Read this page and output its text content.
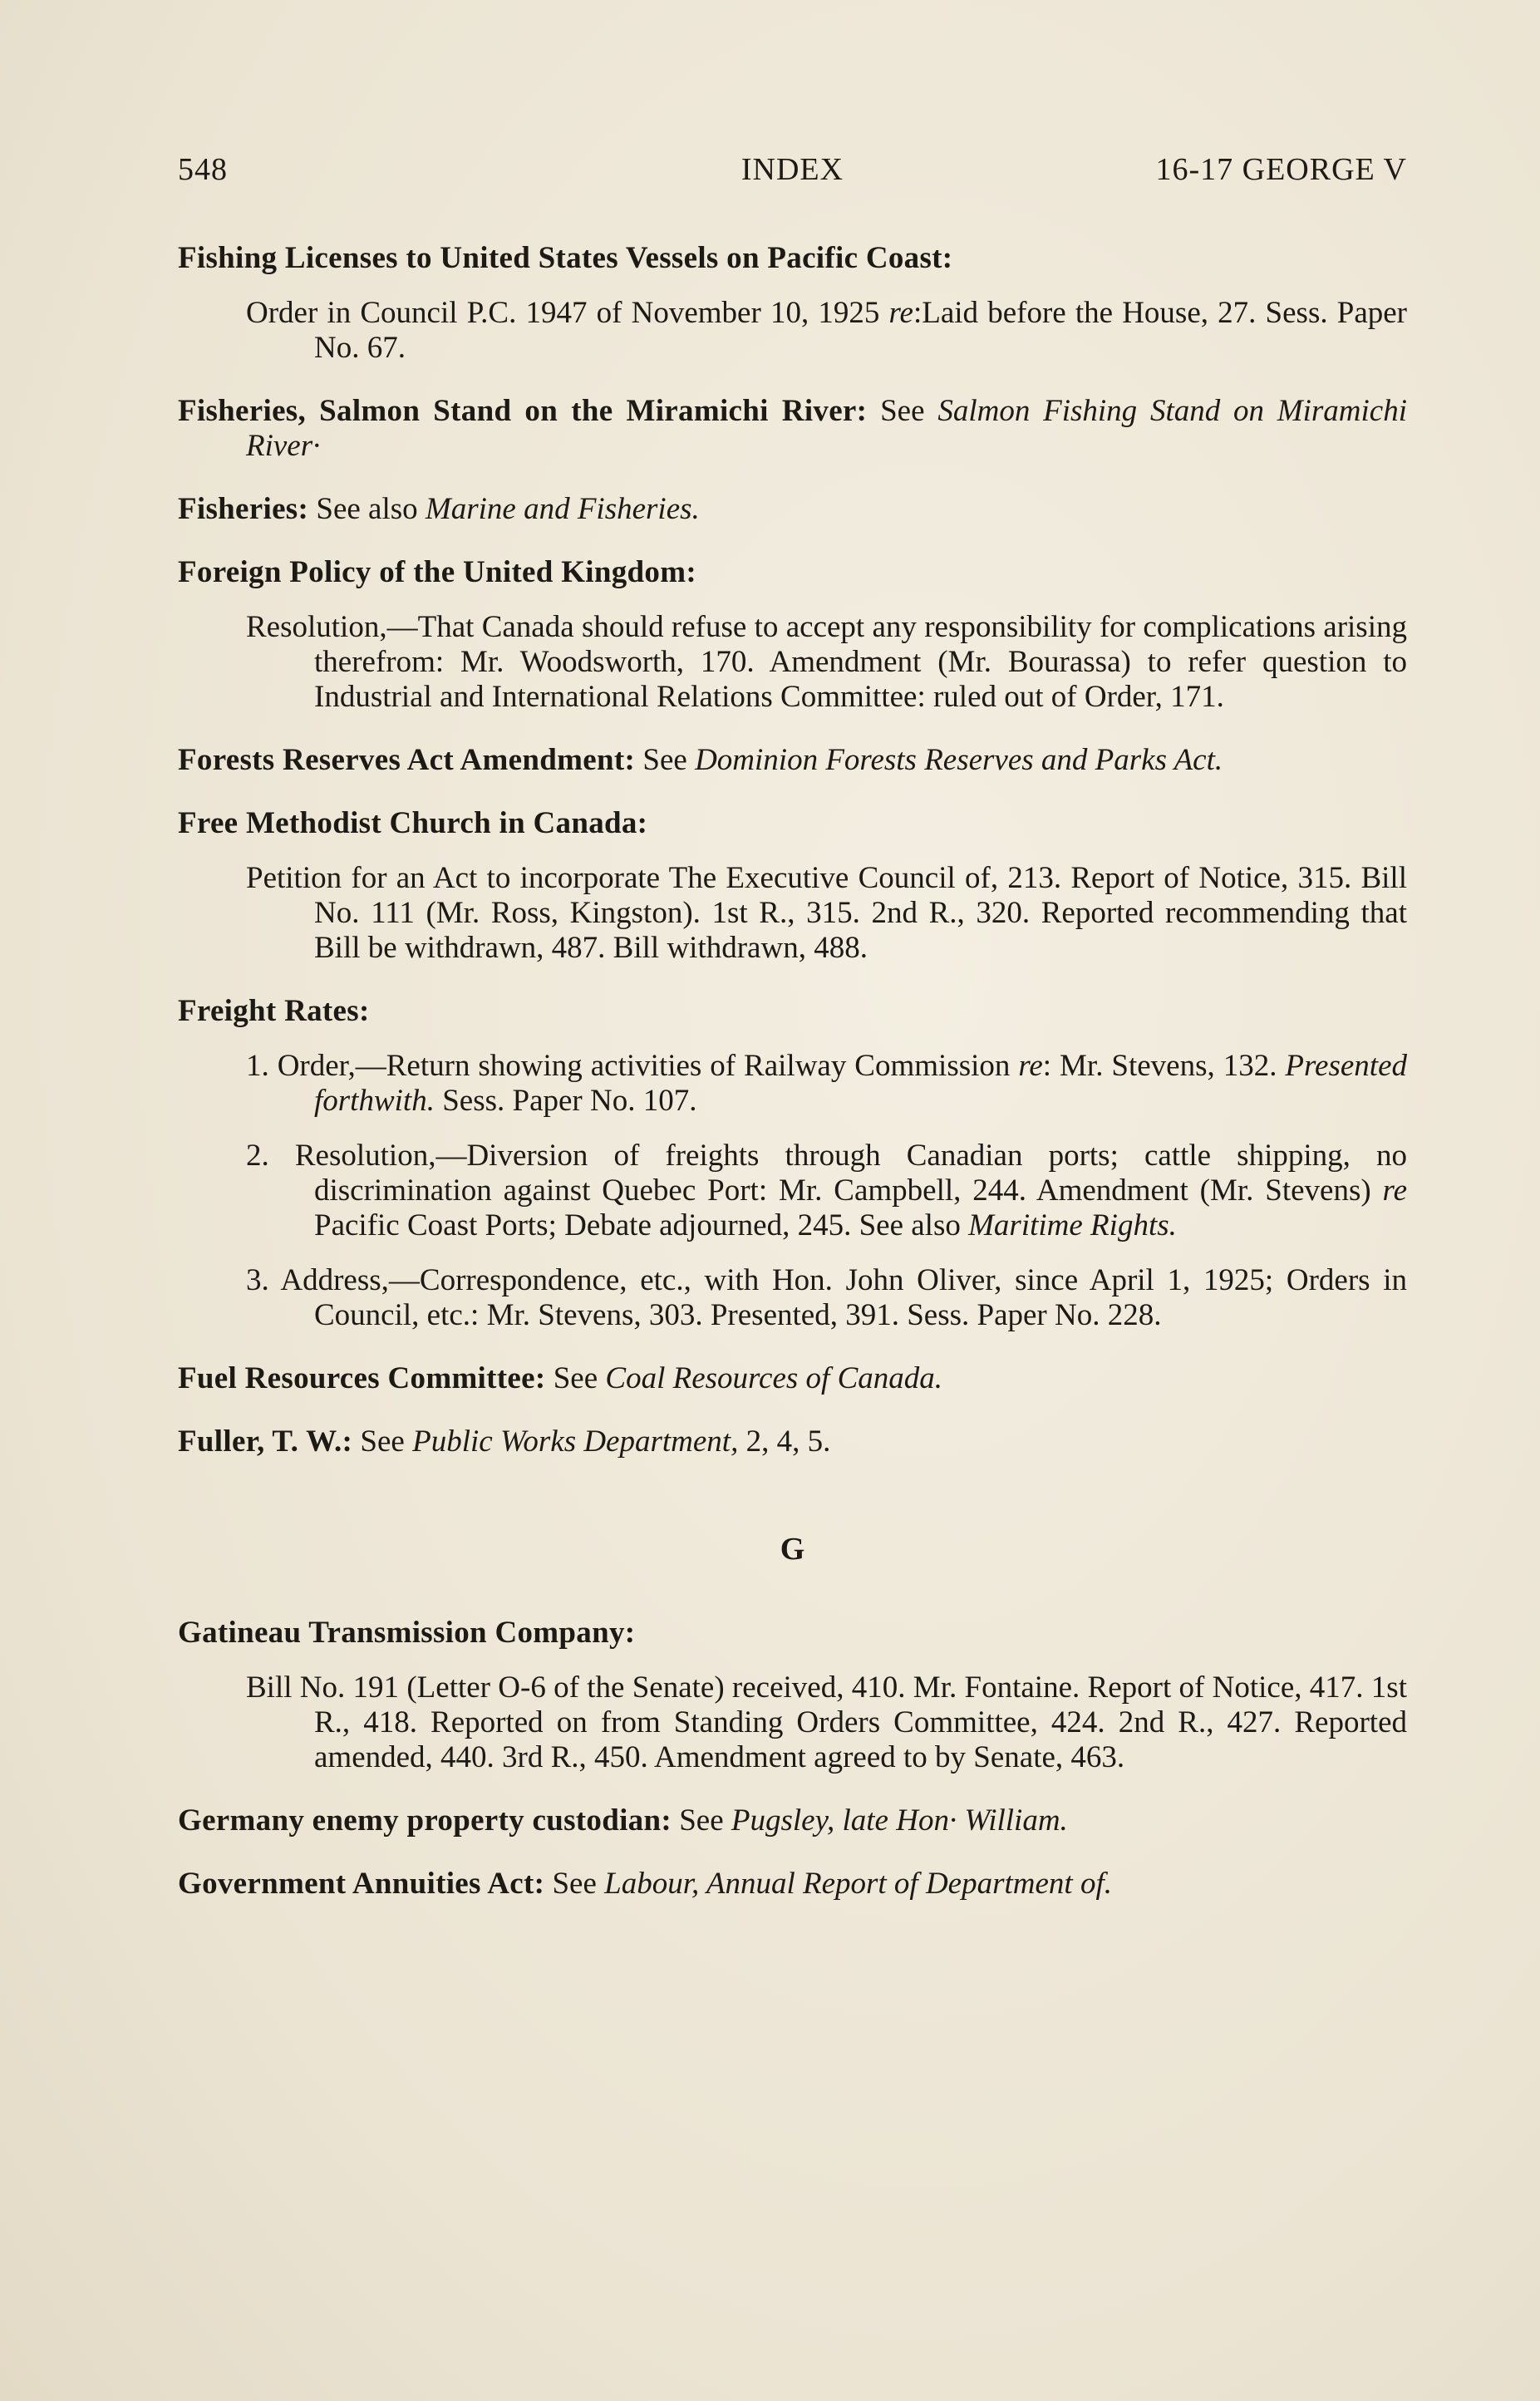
548	INDEX	16-17 GEORGE V
Fishing Licenses to United States Vessels on Pacific Coast:
Order in Council P.C. 1947 of November 10, 1925 re:Laid before the House, 27. Sess. Paper No. 67.
Fisheries, Salmon Stand on the Miramichi River: See Salmon Fishing Stand on Miramichi River·
Fisheries: See also Marine and Fisheries.
Foreign Policy of the United Kingdom:
Resolution,—That Canada should refuse to accept any responsibility for complications arising therefrom: Mr. Woodsworth, 170. Amendment (Mr. Bourassa) to refer question to Industrial and International Relations Committee: ruled out of Order, 171.
Forests Reserves Act Amendment: See Dominion Forests Reserves and Parks Act.
Free Methodist Church in Canada:
Petition for an Act to incorporate The Executive Council of, 213. Report of Notice, 315. Bill No. 111 (Mr. Ross, Kingston). 1st R., 315. 2nd R., 320. Reported recommending that Bill be withdrawn, 487. Bill withdrawn, 488.
Freight Rates:
1. Order,—Return showing activities of Railway Commission re: Mr. Stevens, 132. Presented forthwith. Sess. Paper No. 107.
2. Resolution,—Diversion of freights through Canadian ports; cattle shipping, no discrimination against Quebec Port: Mr. Campbell, 244. Amendment (Mr. Stevens) re Pacific Coast Ports; Debate adjourned, 245. See also Maritime Rights.
3. Address,—Correspondence, etc., with Hon. John Oliver, since April 1, 1925; Orders in Council, etc.: Mr. Stevens, 303. Presented, 391. Sess. Paper No. 228.
Fuel Resources Committee: See Coal Resources of Canada.
Fuller, T. W.: See Public Works Department, 2, 4, 5.
G
Gatineau Transmission Company:
Bill No. 191 (Letter O-6 of the Senate) received, 410. Mr. Fontaine. Report of Notice, 417. 1st R., 418. Reported on from Standing Orders Committee, 424. 2nd R., 427. Reported amended, 440. 3rd R., 450. Amendment agreed to by Senate, 463.
Germany enemy property custodian: See Pugsley, late Hon· William.
Government Annuities Act: See Labour, Annual Report of Department of.
